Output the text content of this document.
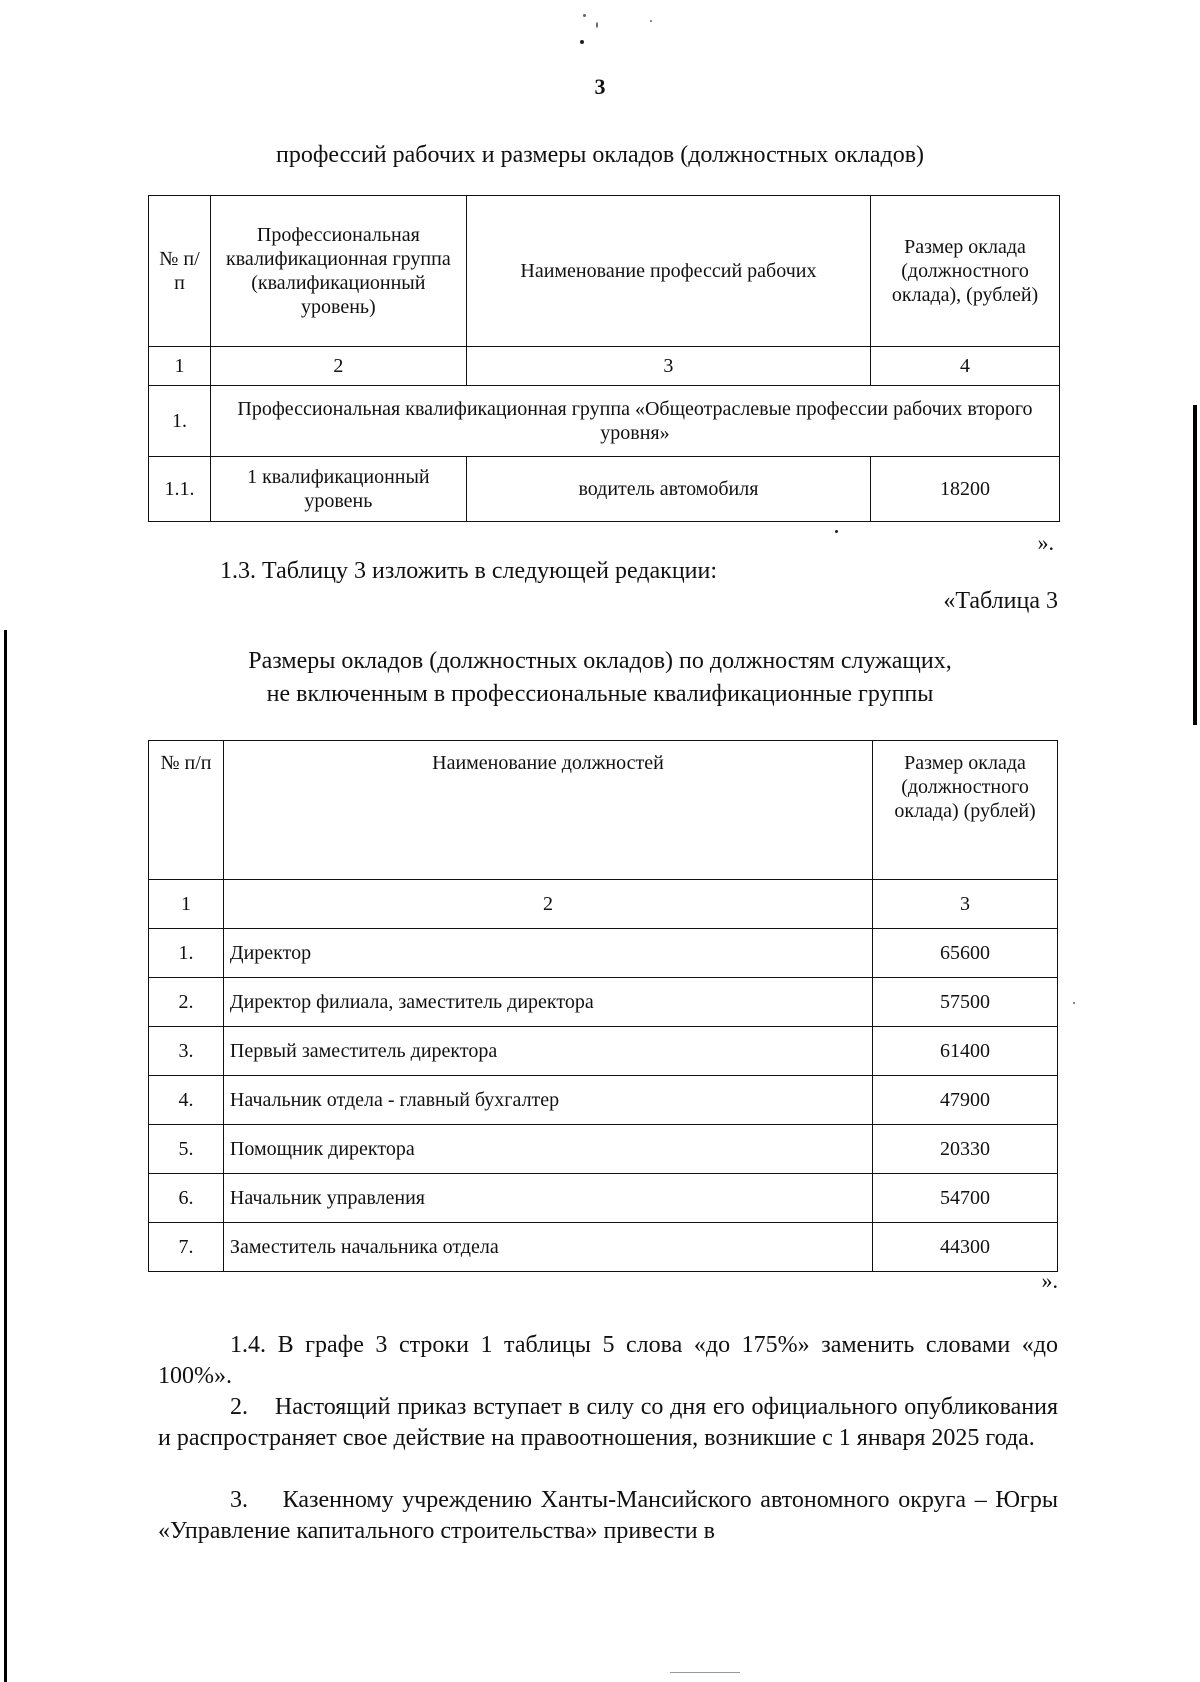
3
профессий рабочих и размеры окладов (должностных окладов)
№ п/п	Профессиональная квалификационная группа (квалификационный уровень)	Наименование профессий рабочих	Размер оклада (должностного оклада), (рублей)
1	2	3	4
1.	Профессиональная квалификационная группа «Общеотраслевые профессии рабочих второго уровня»		
1.1.	1 квалификационный уровень	водитель автомобиля	18200
».
1.3. Таблицу 3 изложить в следующей редакции:
«Таблица 3
Размеры окладов (должностных окладов) по должностям служащих,
не включенным в профессиональные квалификационные группы
№ п/п	Наименование должностей	Размер оклада (должностного оклада) (рублей)
1	2	3
1.	Директор	65600
2.	Директор филиала, заместитель директора	57500
3.	Первый заместитель директора	61400
4.	Начальник отдела - главный бухгалтер	47900
5.	Помощник директора	20330
6.	Начальник управления	54700
7.	Заместитель начальника отдела	44300
».
1.4. В графе 3 строки 1 таблицы 5 слова «до 175%» заменить словами «до 100%».
2.    Настоящий приказ вступает в силу со дня его официального опубликования и распространяет свое действие на правоотношения, возникшие с 1 января 2025 года.
3.    Казенному учреждению Ханты-Мансийского автономного округа – Югры «Управление капитального строительства» привести в
